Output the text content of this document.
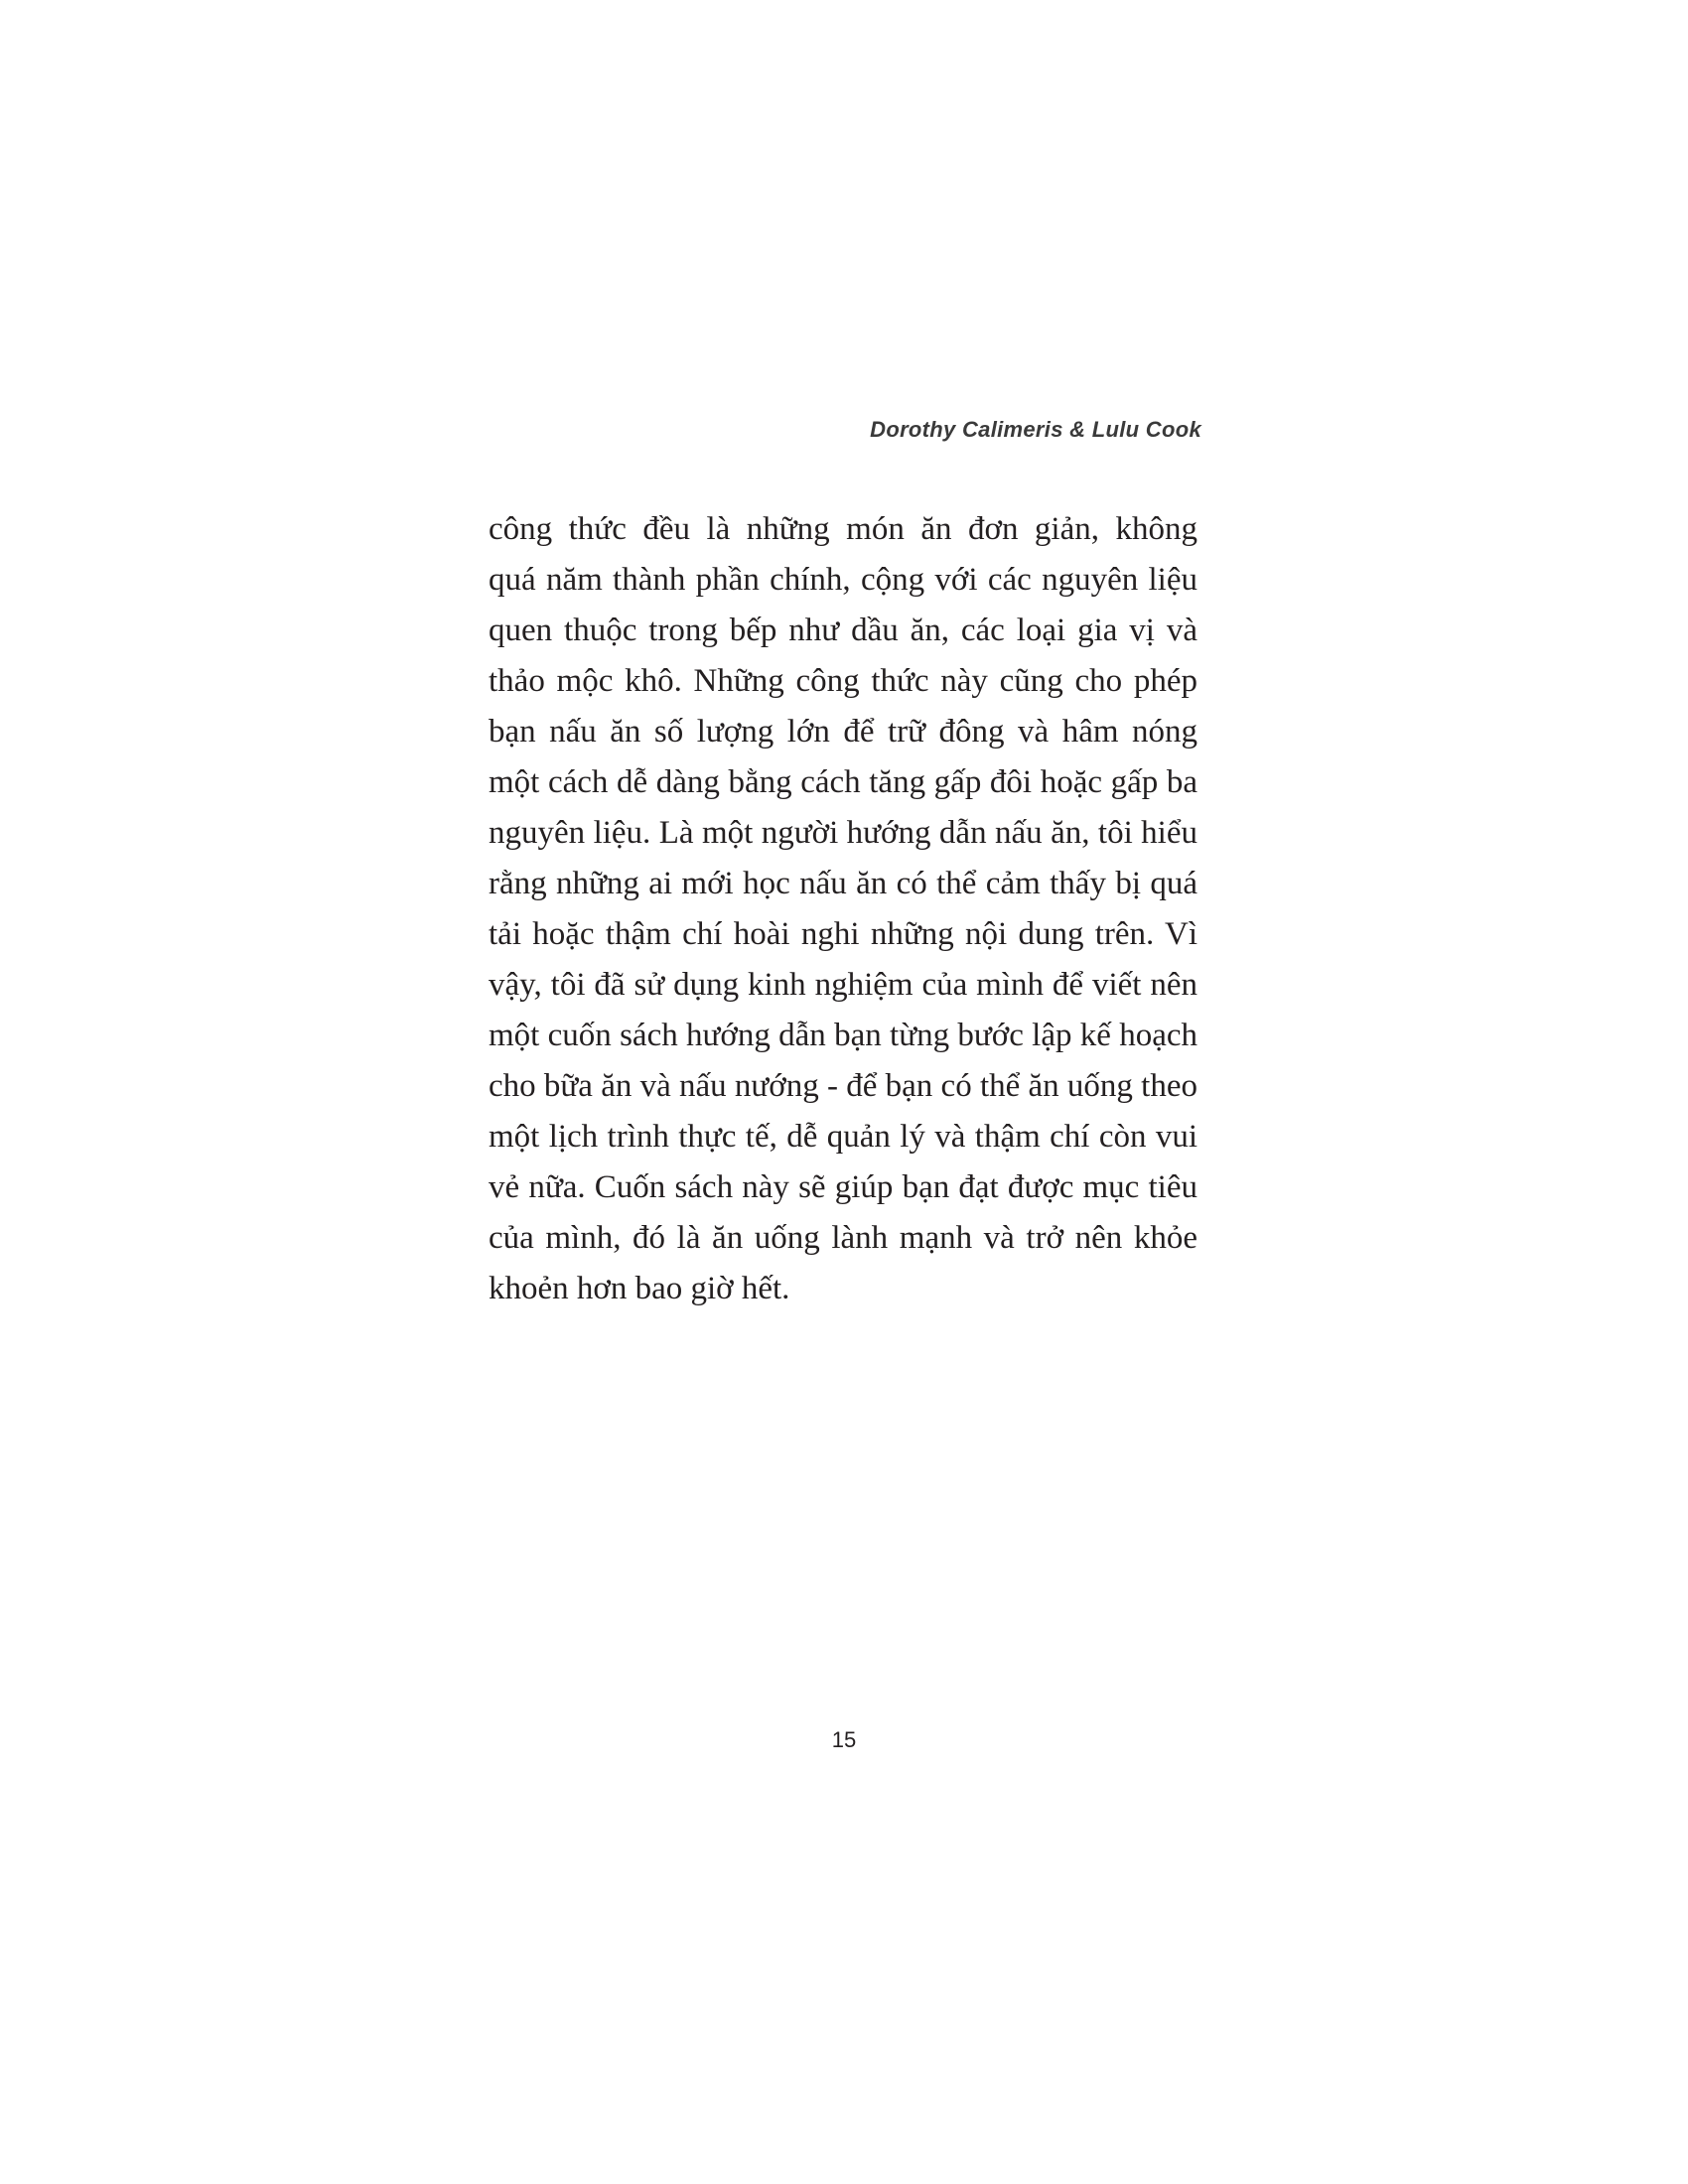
Dorothy Calimeris & Lulu Cook
công thức đều là những món ăn đơn giản, không
quá năm thành phần chính, cộng với các nguyên liệu
quen thuộc trong bếp như dầu ăn, các loại gia vị và
thảo mộc khô. Những công thức này cũng cho phép
bạn nấu ăn số lượng lớn để trữ đông và hâm nóng
một cách dễ dàng bằng cách tăng gấp đôi hoặc gấp ba
nguyên liệu. Là một người hướng dẫn nấu ăn, tôi hiểu
rằng những ai mới học nấu ăn có thể cảm thấy bị quá
tải hoặc thậm chí hoài nghi những nội dung trên. Vì
vậy, tôi đã sử dụng kinh nghiệm của mình để viết nên
một cuốn sách hướng dẫn bạn từng bước lập kế hoạch
cho bữa ăn và nấu nướng - để bạn có thể ăn uống theo
một lịch trình thực tế, dễ quản lý và thậm chí còn vui
vẻ nữa. Cuốn sách này sẽ giúp bạn đạt được mục tiêu
của mình, đó là ăn uống lành mạnh và trở nên khỏe
khoẻn hơn bao giờ hết.
15
